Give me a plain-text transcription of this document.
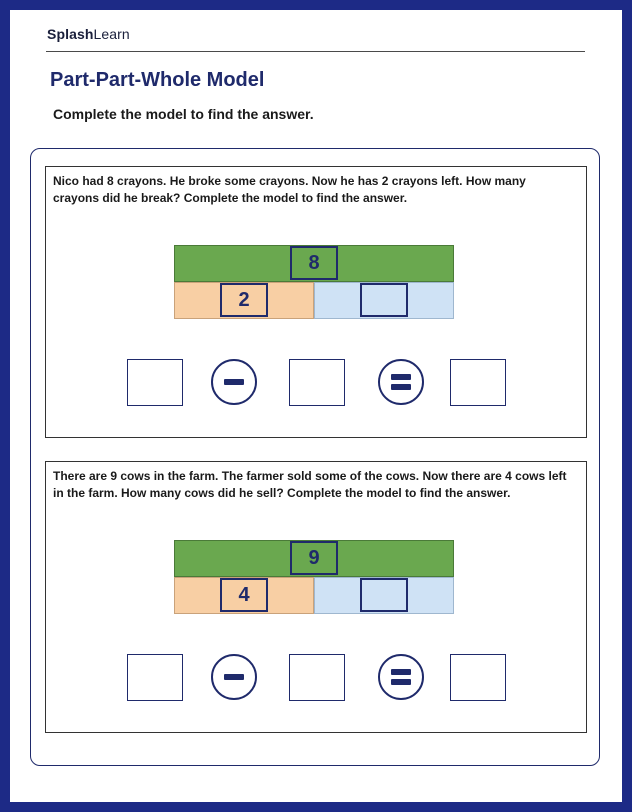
SplashLearn
Part-Part-Whole Model
Complete the model to find the answer.
Nico had 8 crayons. He broke some crayons. Now he has 2 crayons left. How many crayons did he break? Complete the model to find the answer.
8
2
There are 9 cows in the farm. The farmer sold some of the cows. Now there are 4 cows left in the farm. How many cows did he sell? Complete the model to find the answer.
9
4
